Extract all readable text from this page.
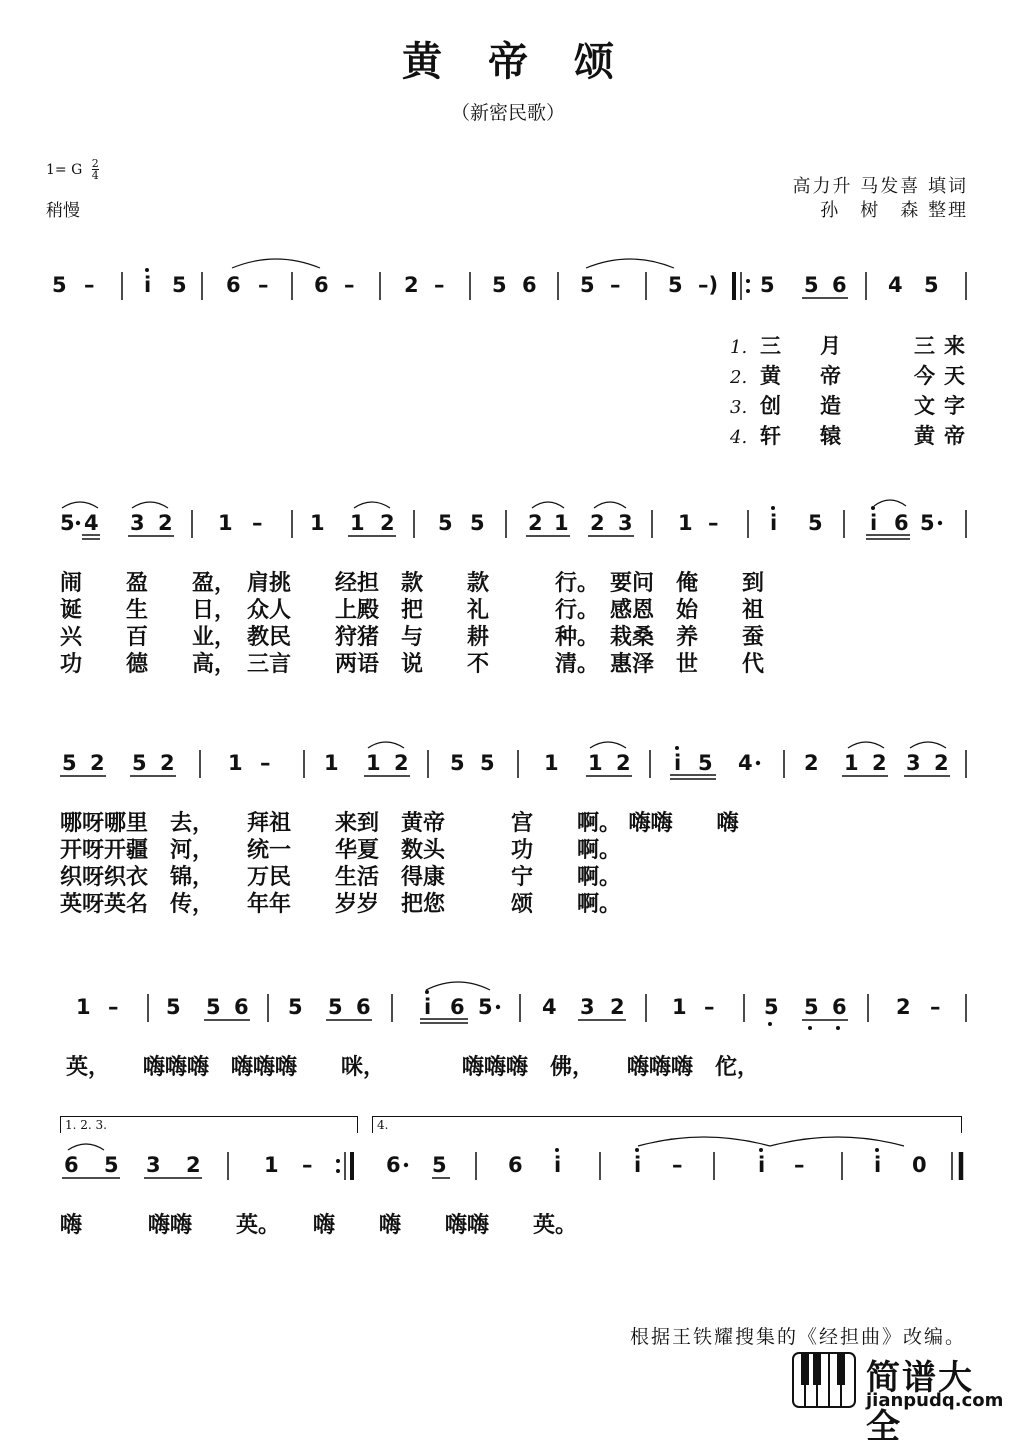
黄帝颂
（新密民歌）
1= G $\frac{2}{4}$
稍慢
高力升 马发喜 填词
孙　树　森 整理
5 – i 5 6 – 6 – 2 – 5 6 5 – 5 –) 5 5 6 4 5
1. 三 月	三 来
2. 黄 帝	今 天
3. 创 造	文 字
4. 轩 辕	黄 帝
5 4 3 2 1 – 1 1 2 5 5 2 1 2 3 1 – i 5 i 6 5
闹　　盈　　盈，　肩挑　　经担　款　　款　　　行。　要问　俺　　到
诞　　生　　日，　众人　　上殿　把　　礼　　　行。　感恩　始　　祖
兴　　百　　业，　教民　　狩猪　与　　耕　　　种。　栽桑　养　　蚕
功　　德　　高，　三言　　两语　说　　不　　　清。　惠泽　世　　代
5 2 5 2	1 –	1 1 2 5 5 1 1 2 i 5 4 2 1 2 3 2
哪呀哪里　去，　　拜祖　　来到　黄帝　　　宫　　啊。 嗨嗨　　嗨
开呀开疆　河，　　统一　　华夏　数头　　　功　　啊。
织呀织衣　锦，　　万民　　生活　得康　　　宁　　啊。
英呀英名　传，　　年年　　岁岁　把您　　　颂　　啊。
1 – 5 5 6 5 5 6	i 6 5 4 3 2 1 – 5 5 6 2 –
英，　　嗨嗨嗨　嗨嗨嗨　　咪，　　　　嗨嗨嗨　佛，　　嗨嗨嗨　佗，
1. 2. 3.	4.
6 5 3 2	1 –	6 5	6 i	i –	i –	i 0
嗨　　　嗨嗨　　英。　　嗨　　嗨　　嗨嗨　　英。
根据王铁耀搜集的《经担曲》改编。
简谱大全
jianpudq.com
